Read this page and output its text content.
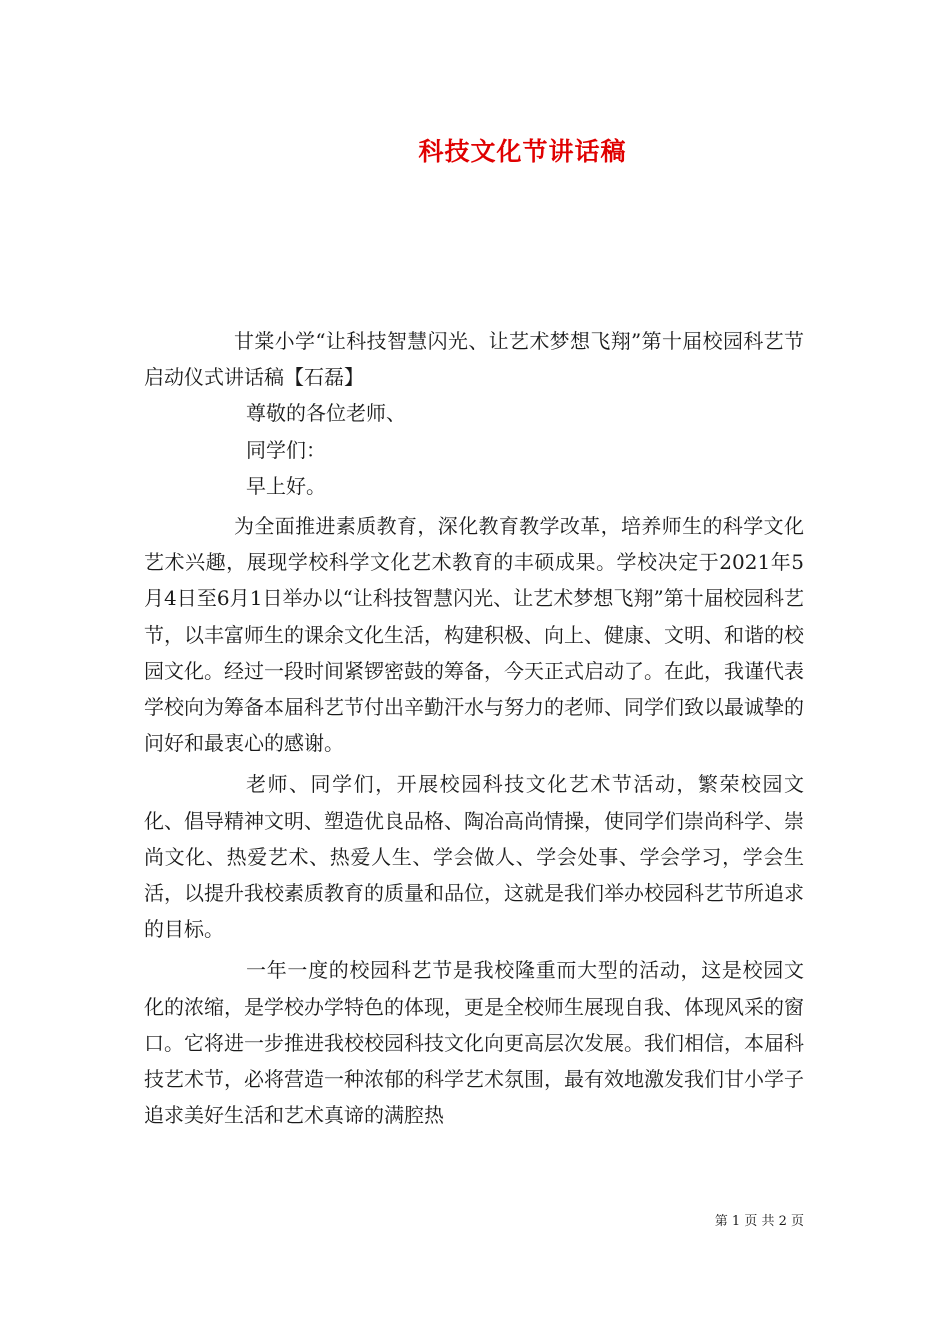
科技文化节讲话稿

甘棠小学“让科技智慧闪光、让艺术梦想飞翔”第十届校园科艺节启动仪式讲话稿【石磊】

尊敬的各位老师、

同学们：

早上好。

为全面推进素质教育，深化教育教学改革，培养师生的科学文化艺术兴趣，展现学校科学文化艺术教育的丰硕成果。学校决定于2021年5月4日至6月1日举办以“让科技智慧闪光、让艺术梦想飞翔”第十届校园科艺节，以丰富师生的课余文化生活，构建积极、向上、健康、文明、和谐的校园文化。经过一段时间紧锣密鼓的筹备，今天正式启动了。在此，我谨代表学校向为筹备本届科艺节付出辛勤汗水与努力的老师、同学们致以最诚挚的问好和最衷心的感谢。

老师、同学们，开展校园科技文化艺术节活动，繁荣校园文化、倡导精神文明、塑造优良品格、陶冶高尚情操，使同学们崇尚科学、崇尚文化、热爱艺术、热爱人生、学会做人、学会处事、学会学习，学会生活，以提升我校素质教育的质量和品位，这就是我们举办校园科艺节所追求的目标。

一年一度的校园科艺节是我校隆重而大型的活动，这是校园文化的浓缩，是学校办学特色的体现，更是全校师生展现自我、体现风采的窗口。它将进一步推进我校校园科技文化向更高层次发展。我们相信，本届科技艺术节，必将营造一种浓郁的科学艺术氛围，最有效地激发我们甘小学子追求美好生活和艺术真谛的满腔热

第 1 页 共 2 页
